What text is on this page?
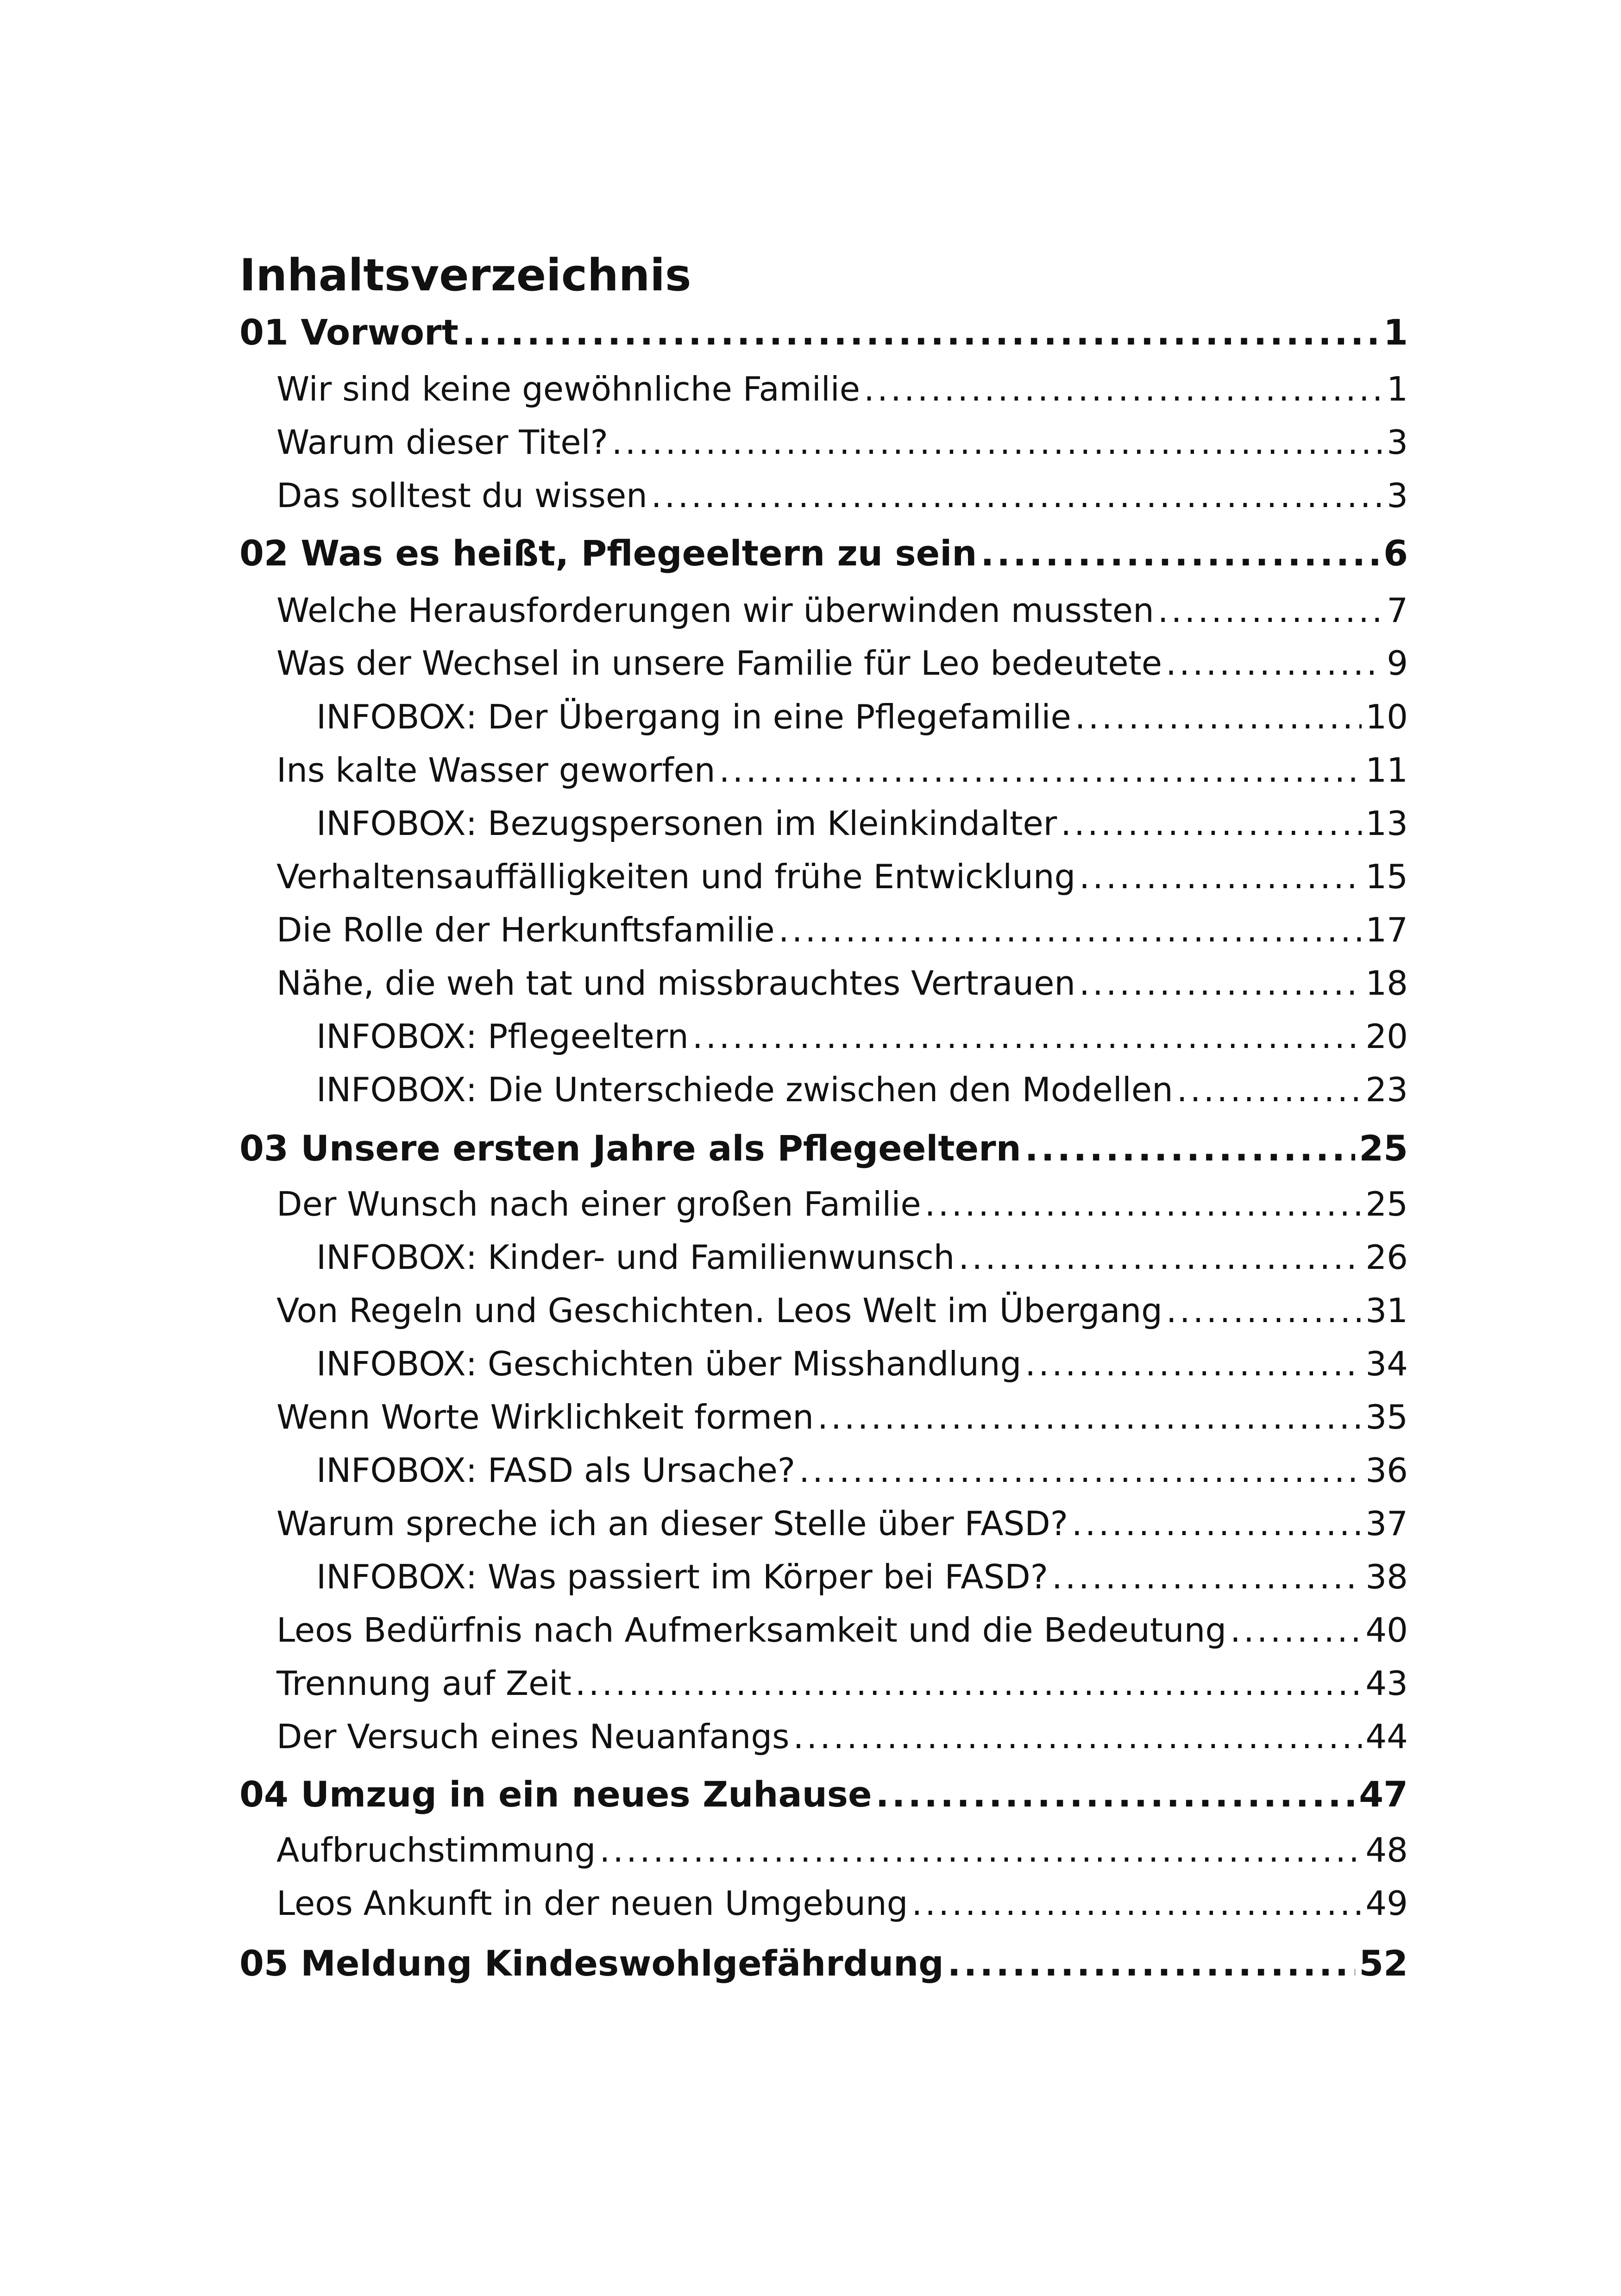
Inhaltsverzeichnis
01 Vorwort .....	1
Wir sind keine gewöhnliche Familie .....	1
Warum dieser Titel? .....	3
Das solltest du wissen .....	3
02 Was es heißt, Pflegeeltern zu sein .....	6
Welche Herausforderungen wir überwinden mussten .....	7
Was der Wechsel in unsere Familie für Leo bedeutete .....	9
INFOBOX: Der Übergang in eine Pflegefamilie .....	10
Ins kalte Wasser geworfen .....	11
INFOBOX: Bezugspersonen im Kleinkindalter .....	13
Verhaltensauffälligkeiten und frühe Entwicklung .....	15
Die Rolle der Herkunftsfamilie .....	17
Nähe, die weh tat und missbrauchtes Vertrauen .....	18
INFOBOX: Pflegeeltern .....	20
INFOBOX: Die Unterschiede zwischen den Modellen .....	23
03 Unsere ersten Jahre als Pflegeeltern .....	25
Der Wunsch nach einer großen Familie .....	25
INFOBOX: Kinder- und Familienwunsch .....	26
Von Regeln und Geschichten. Leos Welt im Übergang .....	31
INFOBOX: Geschichten über Misshandlung .....	34
Wenn Worte Wirklichkeit formen .....	35
INFOBOX: FASD als Ursache? .....	36
Warum spreche ich an dieser Stelle über FASD? .....	37
INFOBOX: Was passiert im Körper bei FASD? .....	38
Leos Bedürfnis nach Aufmerksamkeit und die Bedeutung .....	40
Trennung auf Zeit .....	43
Der Versuch eines Neuanfangs .....	44
04 Umzug in ein neues Zuhause .....	47
Aufbruchstimmung .....	48
Leos Ankunft in der neuen Umgebung .....	49
05 Meldung Kindeswohlgefährdung .....	52
